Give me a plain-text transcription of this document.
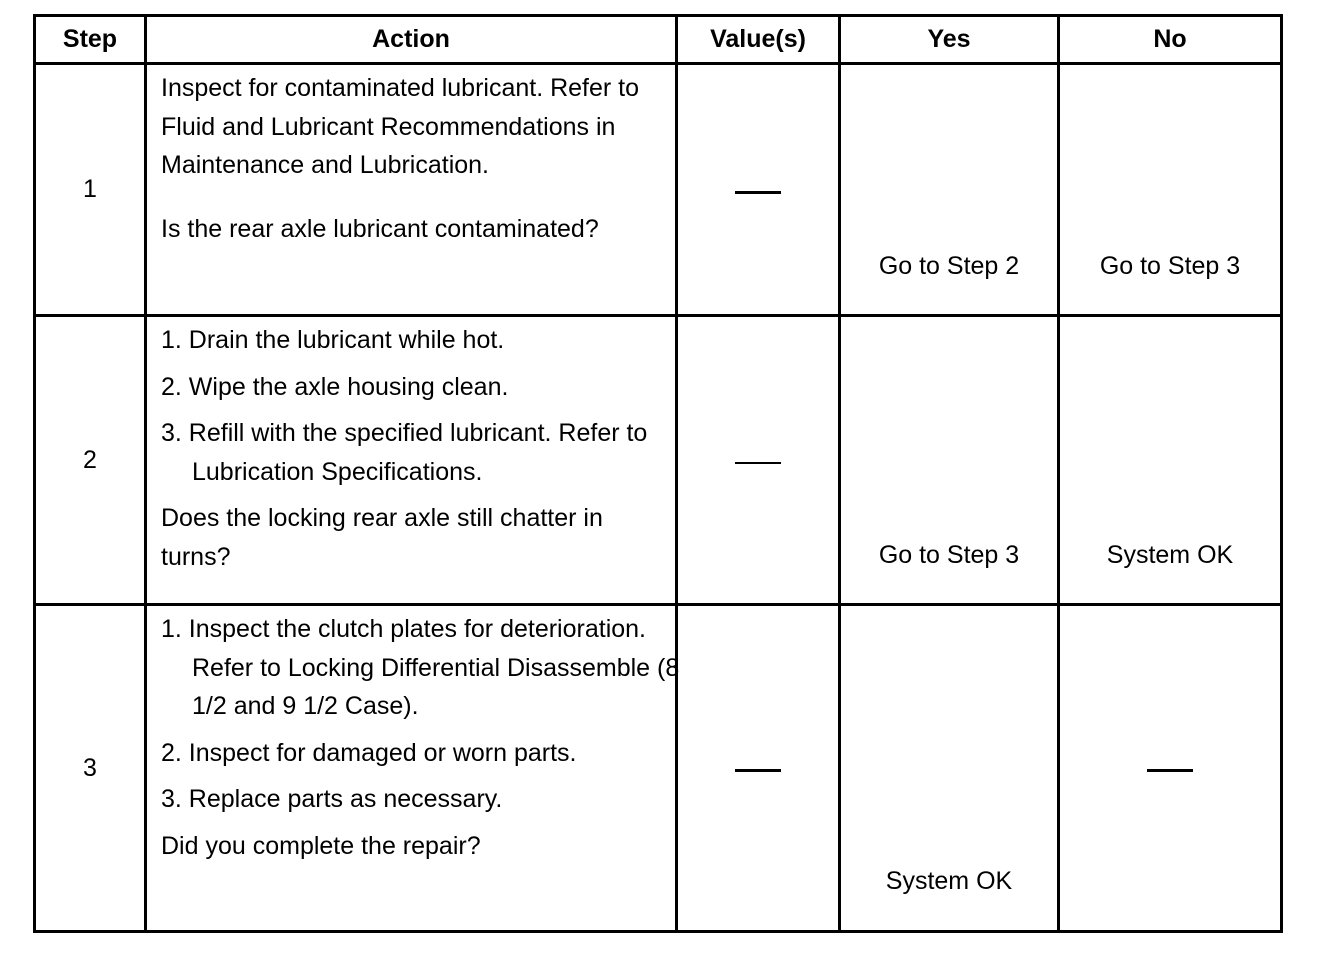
Step	Action	Value(s)	Yes	No
1	Inspect for contaminated lubricant. Refer to Fluid and Lubricant Recommendations in Maintenance and Lubrication.

Is the rear axle lubricant contaminated?		Go to Step 2	Go to Step 3
2	1. Drain the lubricant while hot.

2. Wipe the axle housing clean.

3. Refill with the specified lubricant. Refer to Lubrication Specifications.

Does the locking rear axle still chatter in turns?		Go to Step 3	System OK
3	1. Inspect the clutch plates for deterioration. Refer to Locking Differential Disassemble (8 1/2 and 9 1/2 Case).

2. Inspect for damaged or worn parts.

3. Replace parts as necessary.

Did you complete the repair?		System OK	
